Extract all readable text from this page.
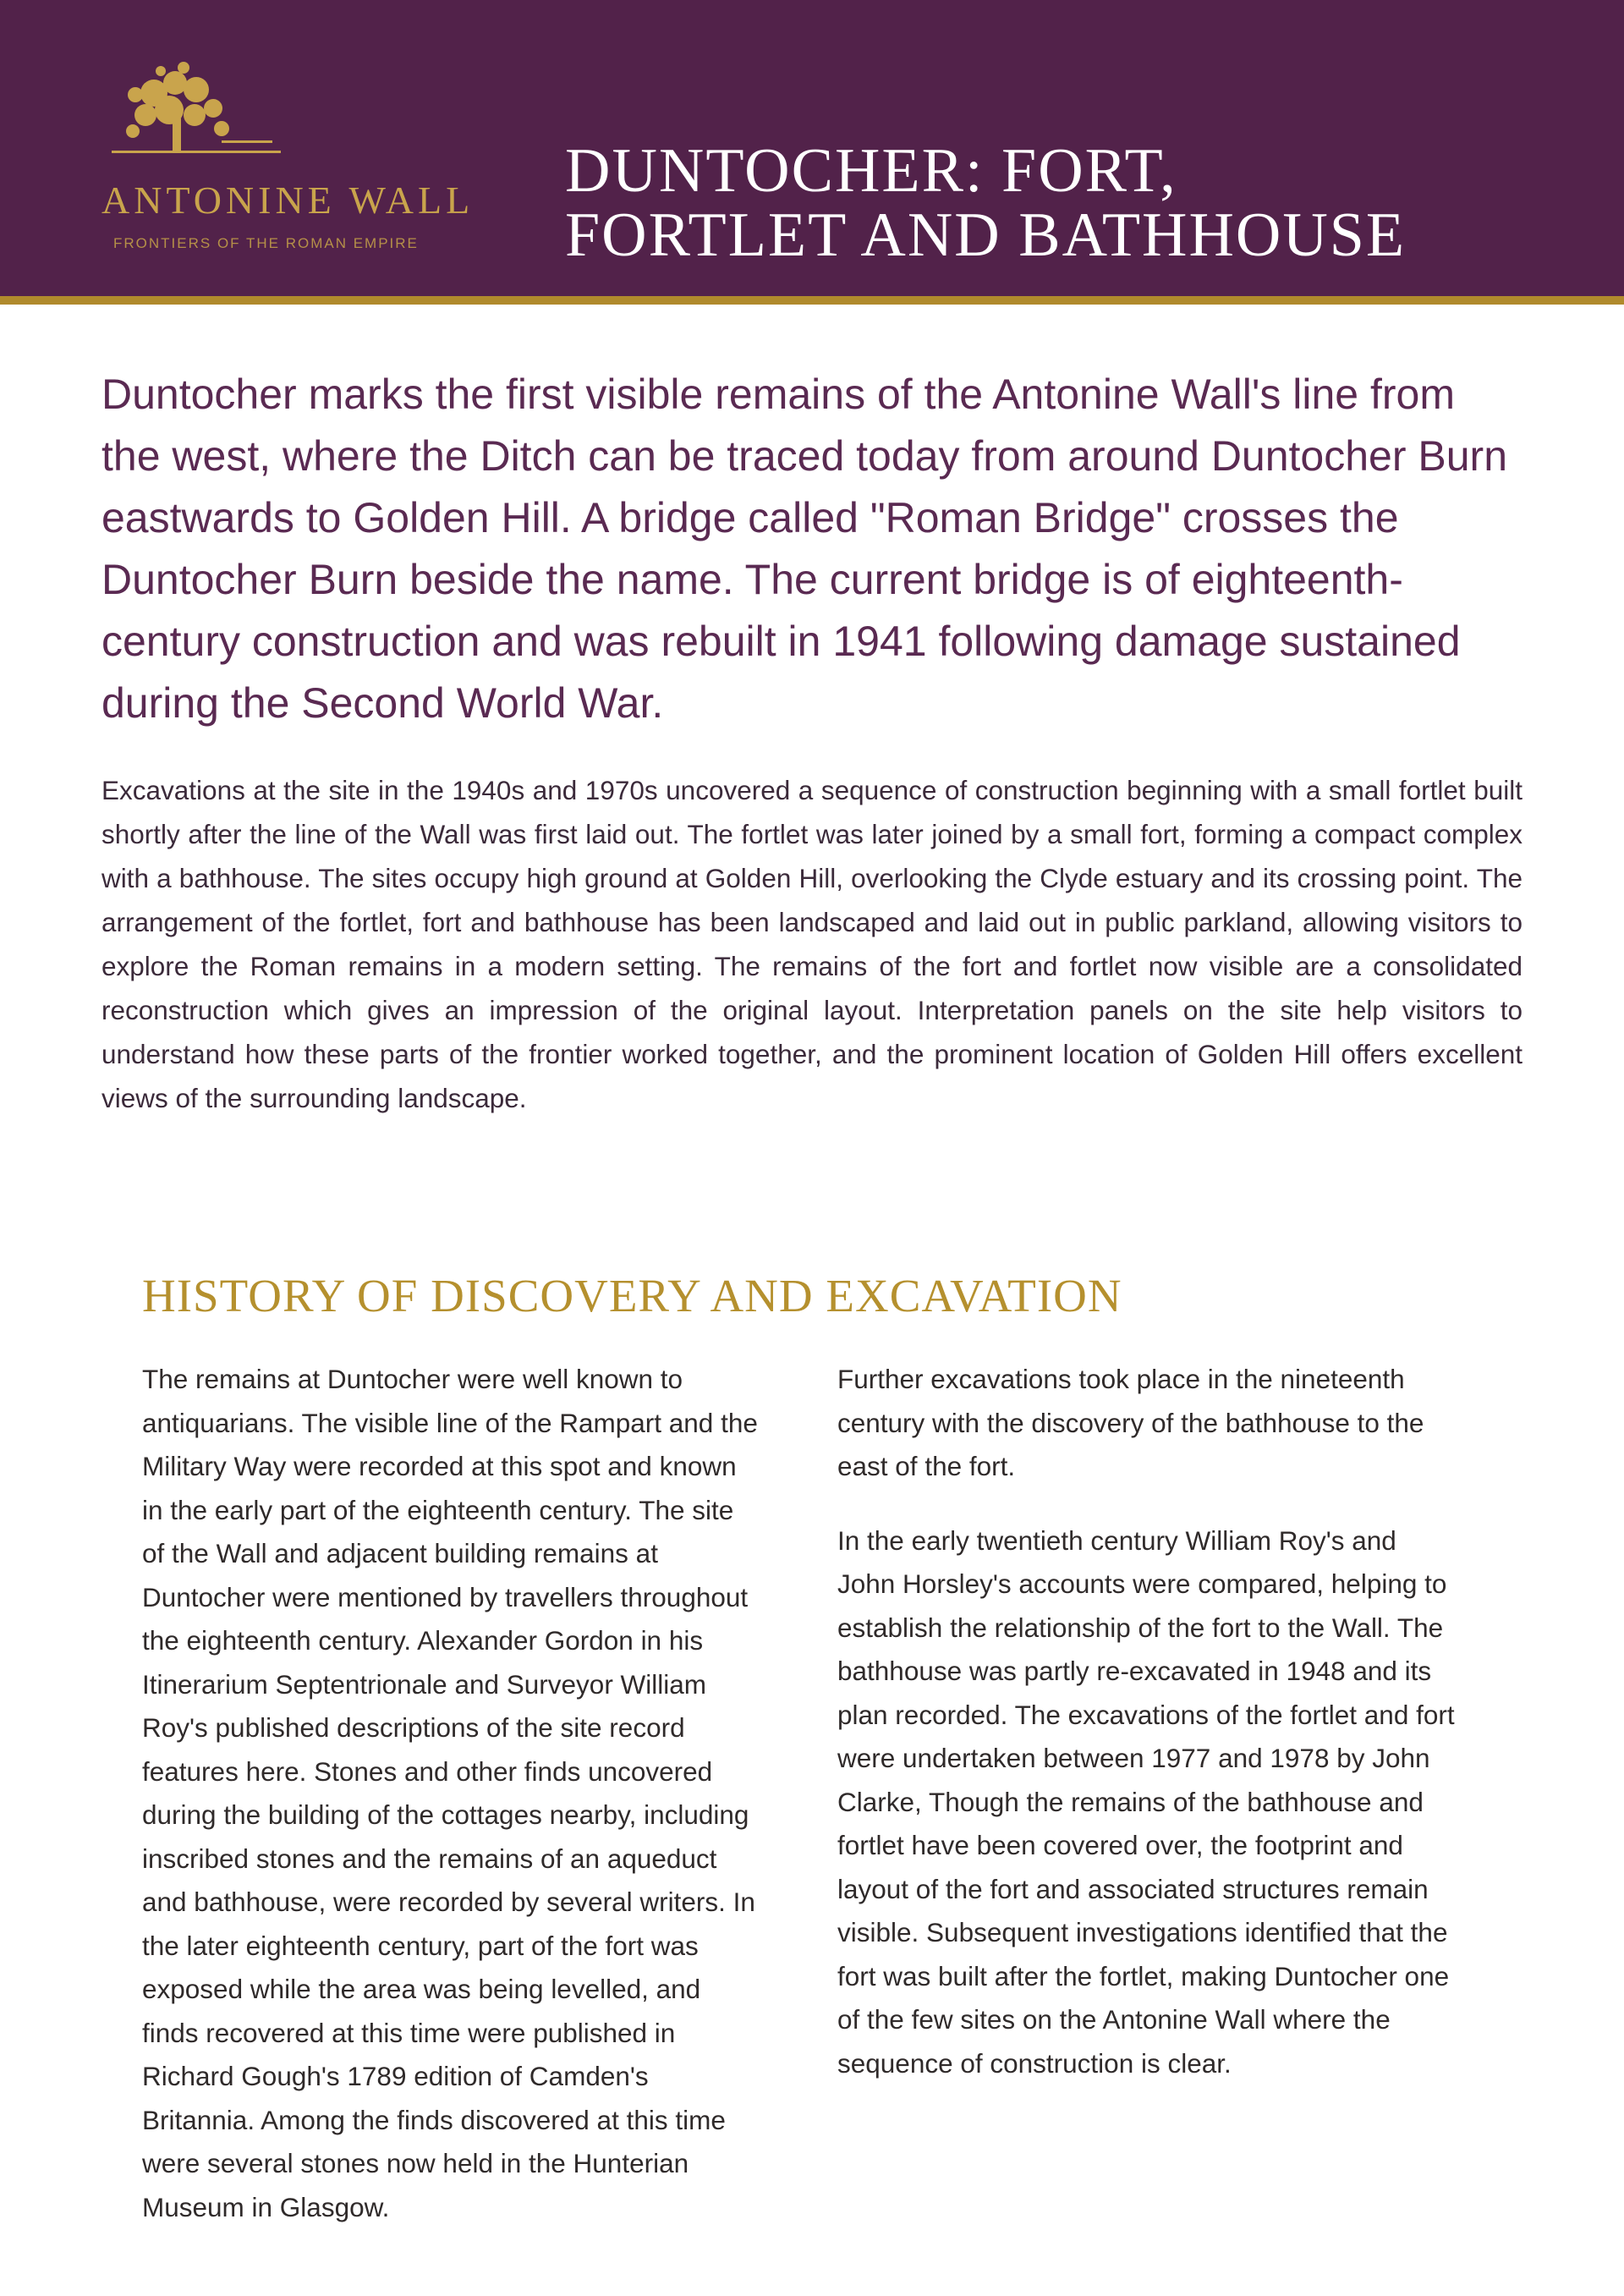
ANTONINE WALL
FRONTIERS OF THE ROMAN EMPIRE
DUNTOCHER: FORT,
FORTLET AND BATHHOUSE
Duntocher marks the first visible remains of the Antonine Wall's line from the west, where the Ditch can be traced today from around Duntocher Burn eastwards to Golden Hill. A bridge called "Roman Bridge" crosses the Duntocher Burn beside the name. The current bridge is of eighteenth-century construction and was rebuilt in 1941 following damage sustained during the Second World War.
Excavations at the site in the 1940s and 1970s uncovered a sequence of construction beginning with a small fortlet built shortly after the line of the Wall was first laid out. The fortlet was later joined by a small fort, forming a compact complex with a bathhouse. The sites occupy high ground at Golden Hill, overlooking the Clyde estuary and its crossing point. The arrangement of the fortlet, fort and bathhouse has been landscaped and laid out in public parkland, allowing visitors to explore the Roman remains in a modern setting. The remains of the fort and fortlet now visible are a consolidated reconstruction which gives an impression of the original layout. Interpretation panels on the site help visitors to understand how these parts of the frontier worked together, and the prominent location of Golden Hill offers excellent views of the surrounding landscape.
HISTORY OF DISCOVERY AND EXCAVATION

The remains at Duntocher were well known to antiquarians. The visible line of the Rampart and the Military Way were recorded at this spot and known in the early part of the eighteenth century. The site of the Wall and adjacent building remains at Duntocher were mentioned by travellers throughout the eighteenth century. Alexander Gordon in his Itinerarium Septentrionale and Surveyor William Roy's published descriptions of the site record features here. Stones and other finds uncovered during the building of the cottages nearby, including inscribed stones and the remains of an aqueduct and bathhouse, were recorded by several writers. In the later eighteenth century, part of the fort was exposed while the area was being levelled, and finds recovered at this time were published in Richard Gough's 1789 edition of Camden's Britannia. Among the finds discovered at this time were several stones now held in the Hunterian Museum in Glasgow.

Further excavations took place in the nineteenth century with the discovery of the bathhouse to the east of the fort.

In the early twentieth century William Roy's and John Horsley's accounts were compared, helping to establish the relationship of the fort to the Wall. The bathhouse was partly re-excavated in 1948 and its plan recorded. The excavations of the fortlet and fort were undertaken between 1977 and 1978 by John Clarke, Though the remains of the bathhouse and fortlet have been covered over, the footprint and layout of the fort and associated structures remain visible. Subsequent investigations identified that the fort was built after the fortlet, making Duntocher one of the few sites on the Antonine Wall where the sequence of construction is clear.
